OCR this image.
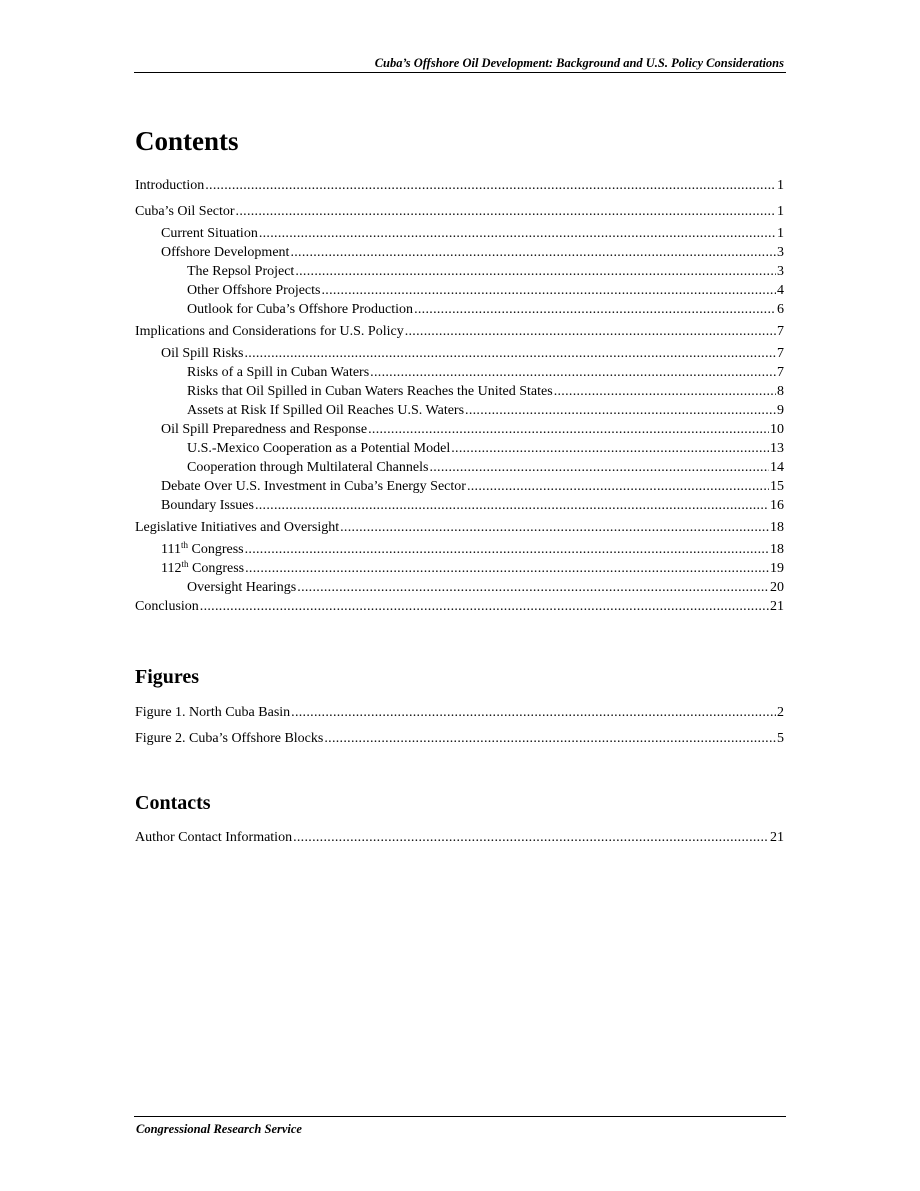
Cuba’s Offshore Oil Development: Background and U.S. Policy Considerations
Contents
Introduction . . .	1
Cuba’s Oil Sector . . .	1
Current Situation . . .	1
Offshore Development . . .	3
The Repsol Project . . .	3
Other Offshore Projects . . .	4
Outlook for Cuba’s Offshore Production . . .	6
Implications and Considerations for U.S. Policy . . .	7
Oil Spill Risks . . .	7
Risks of a Spill in Cuban Waters . . .	7
Risks that Oil Spilled in Cuban Waters Reaches the United States . . .	8
Assets at Risk If Spilled Oil Reaches U.S. Waters . . .	9
Oil Spill Preparedness and Response . . .	10
U.S.-Mexico Cooperation as a Potential Model . . .	13
Cooperation through Multilateral Channels . . .	14
Debate Over U.S. Investment in Cuba’s Energy Sector . . .	15
Boundary Issues . . .	16
Legislative Initiatives and Oversight . . .	18
111th Congress . . .	18
112th Congress . . .	19
Oversight Hearings . . .	20
Conclusion . . .	21
Figures
Figure 1. North Cuba Basin . . .	2
Figure 2. Cuba’s Offshore Blocks . . .	5
Contacts
Author Contact Information . . .	21
Congressional Research Service
